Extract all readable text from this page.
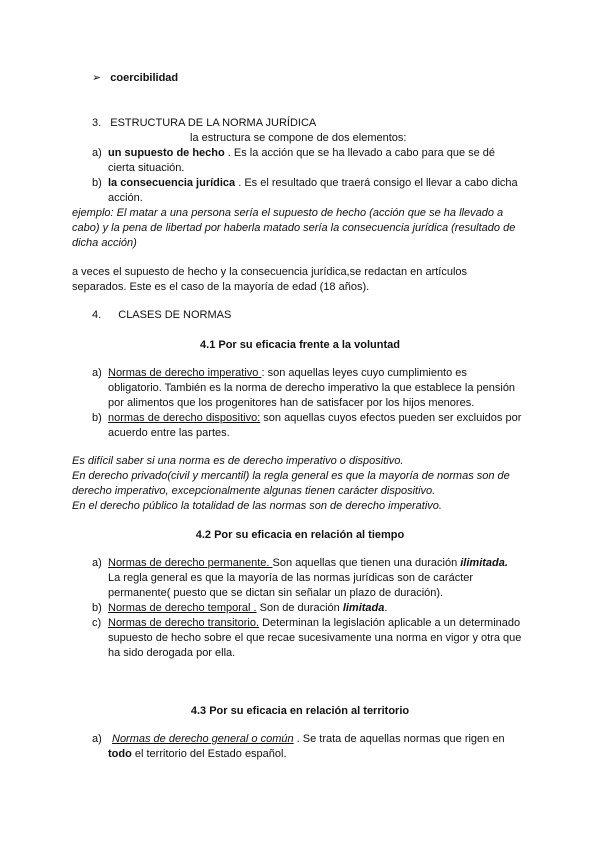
➢ coercibilidad
3. ESTRUCTURA DE LA NORMA JURÍDICA
la estructura se compone de dos elementos:
a) un supuesto de hecho . Es la acción que se ha llevado a cabo para que se dé
cierta situación.
b) la consecuencia jurídica . Es el resultado que traerá consigo el llevar a cabo dicha
acción.
ejemplo: El matar a una persona sería el supuesto de hecho (acción que se ha llevado a
cabo) y la pena de libertad por haberla matado sería la consecuencia jurídica (resultado de
dicha acción)
a veces el supuesto de hecho y la consecuencia jurídica,se redactan en artículos
separados. Este es el caso de la mayoría de edad (18 años).
4. CLASES DE NORMAS
4.1 Por su eficacia frente a la voluntad
a) Normas de derecho imperativo : son aquellas leyes cuyo cumplimiento es
obligatorio. También es la norma de derecho imperativo la que establece la pensión
por alimentos que los progenitores han de satisfacer por los hijos menores.
b) normas de derecho dispositivo: son aquellas cuyos efectos pueden ser excluidos por
acuerdo entre las partes.
Es difícil saber si una norma es de derecho imperativo o dispositivo.
En derecho privado(civil y mercantil) la regla general es que la mayoría de normas son de
derecho imperativo, excepcionalmente algunas tienen carácter dispositivo.
En el derecho público la totalidad de las normas son de derecho imperativo.
4.2 Por su eficacia en relación al tiempo
a) Normas de derecho permanente. Son aquellas que tienen una duración ilimitada.
La regla general es que la mayoría de las normas jurídicas son de carácter
permanente( puesto que se dictan sin señalar un plazo de duración).
b) Normas de derecho temporal . Son de duración limitada.
c) Normas de derecho transitorio. Determinan la legislación aplicable a un determinado
supuesto de hecho sobre el que recae sucesivamente una norma en vigor y otra que
ha sido derogada por ella.
4.3 Por su eficacia en relación al territorio
a) Normas de derecho general o común . Se trata de aquellas normas que rigen en
todo el territorio del Estado español.
